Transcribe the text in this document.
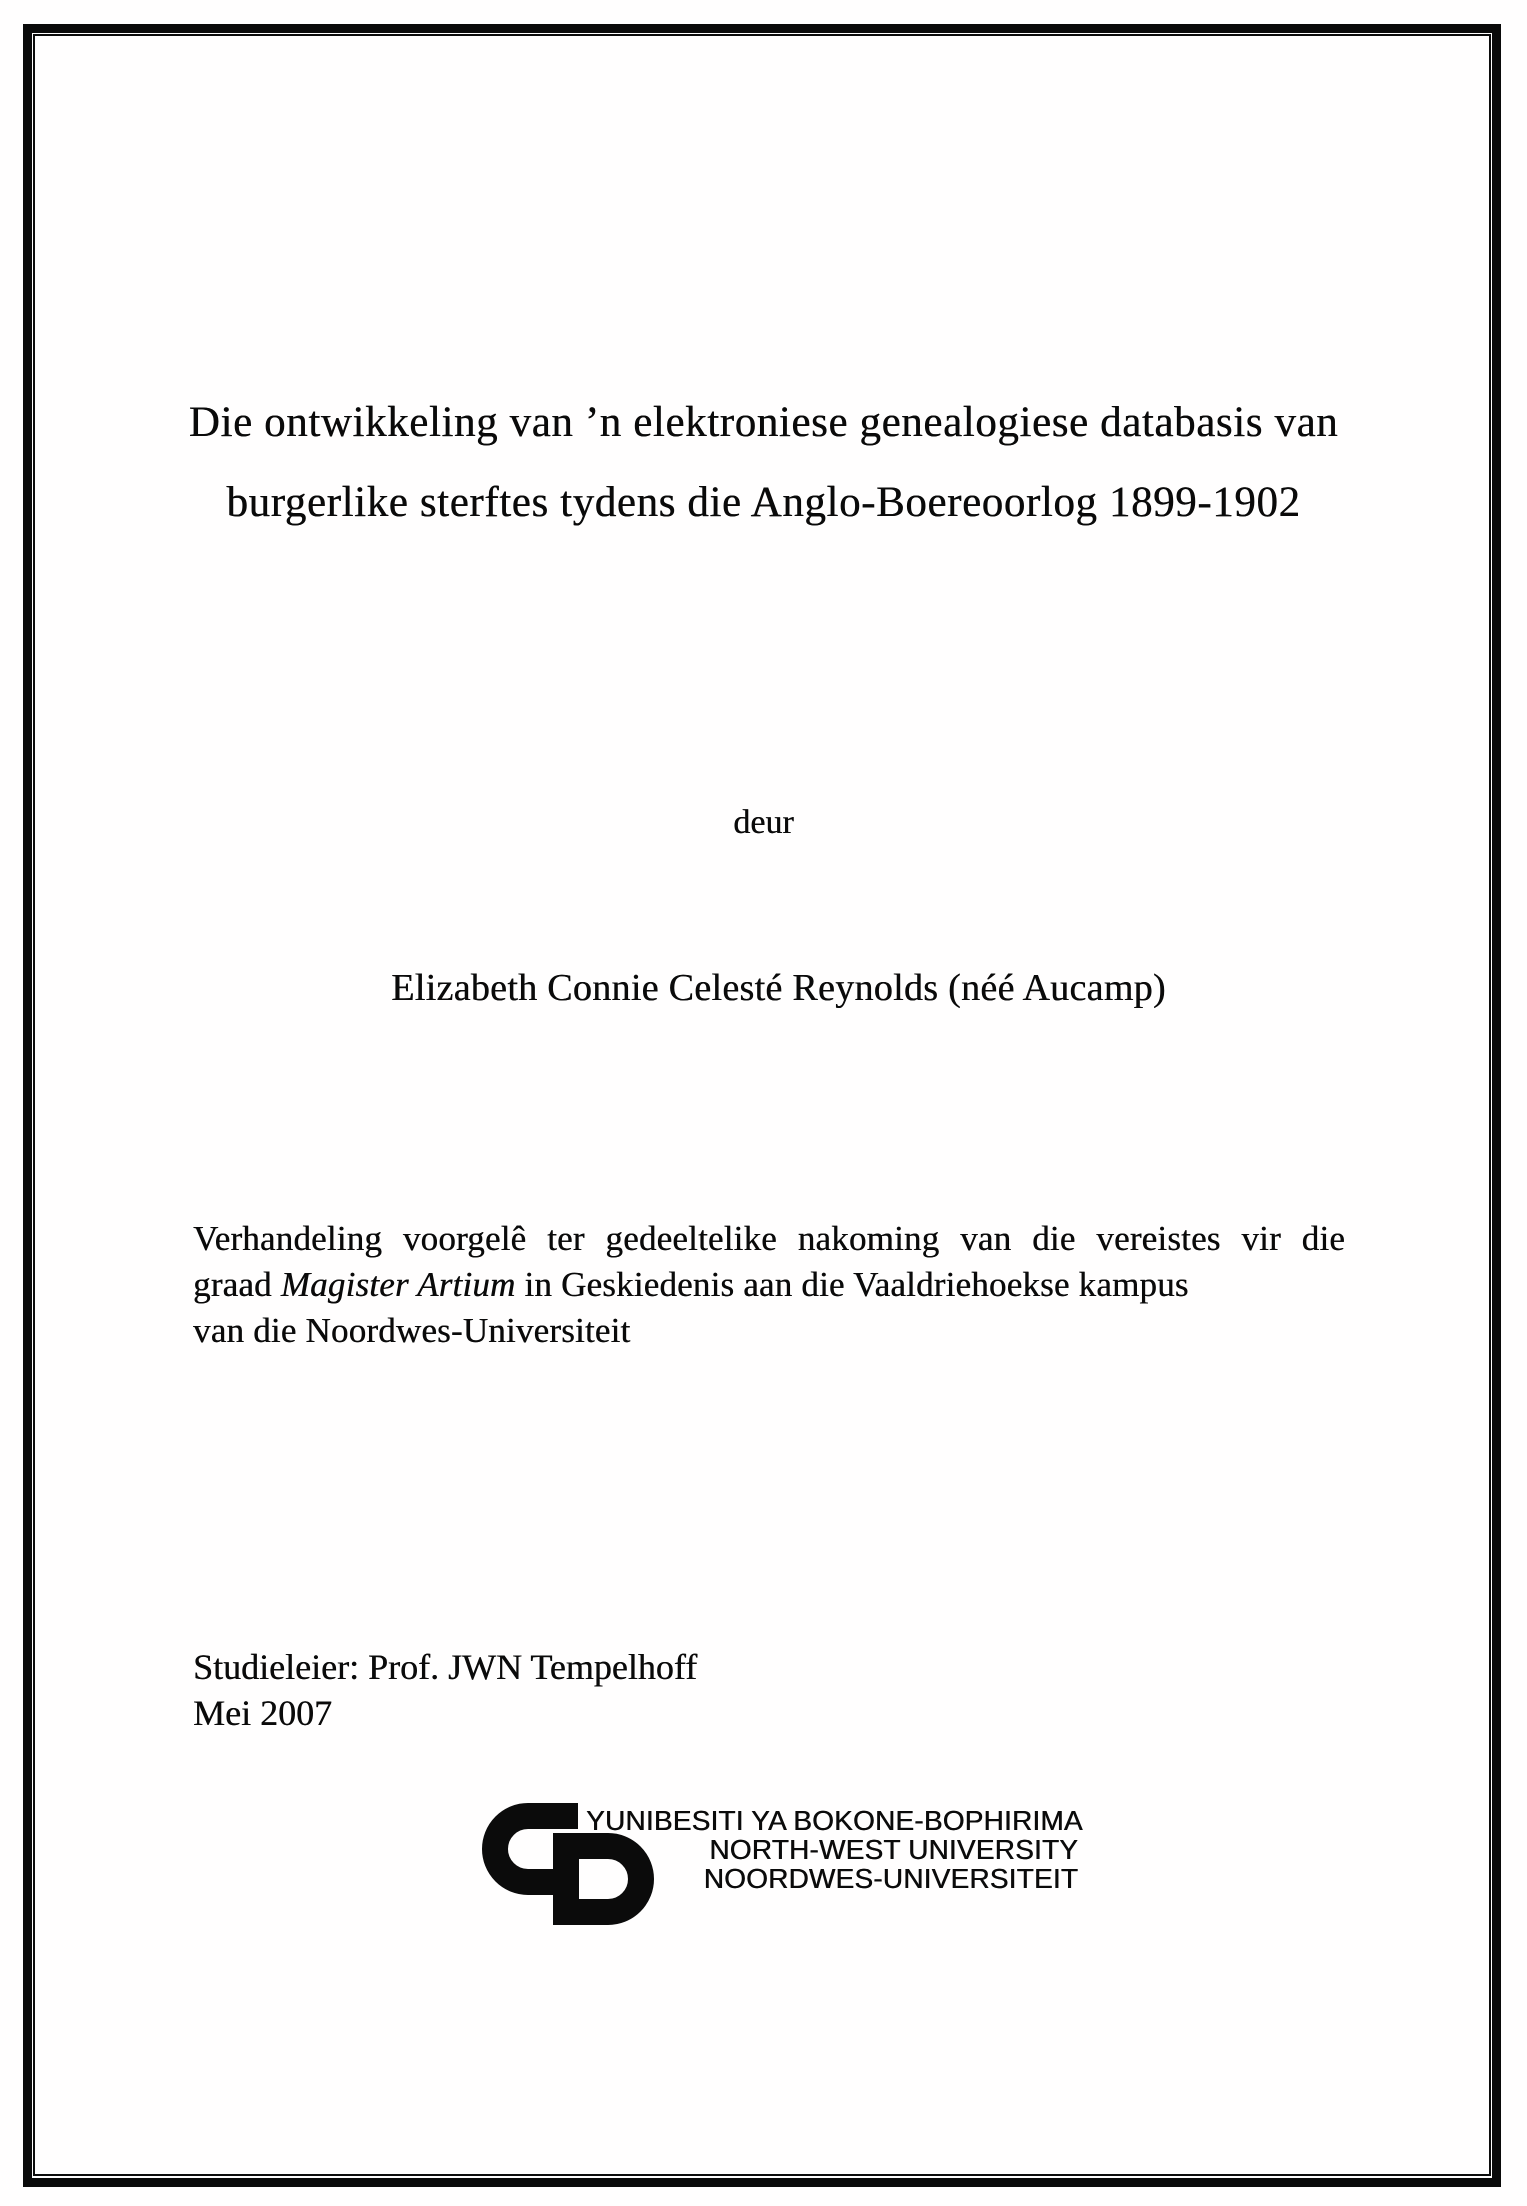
Die ontwikkeling van ’n elektroniese genealogiese databasis van
burgerlike sterftes tydens die Anglo-Boereoorlog 1899-1902
deur
Elizabeth Connie Celesté Reynolds (néé Aucamp)

Verhandeling voorgelê ter gedeeltelike nakoming van die vereistes vir die
graad Magister Artium in Geskiedenis aan die Vaaldriehoekse kampus
van die Noordwes-Universiteit

Studieleier: Prof. JWN Tempelhoff
Mei 2007
YUNIBESITI YA BOKONE-BOPHIRIMA
NORTH-WEST UNIVERSITY
NOORDWES-UNIVERSITEIT
